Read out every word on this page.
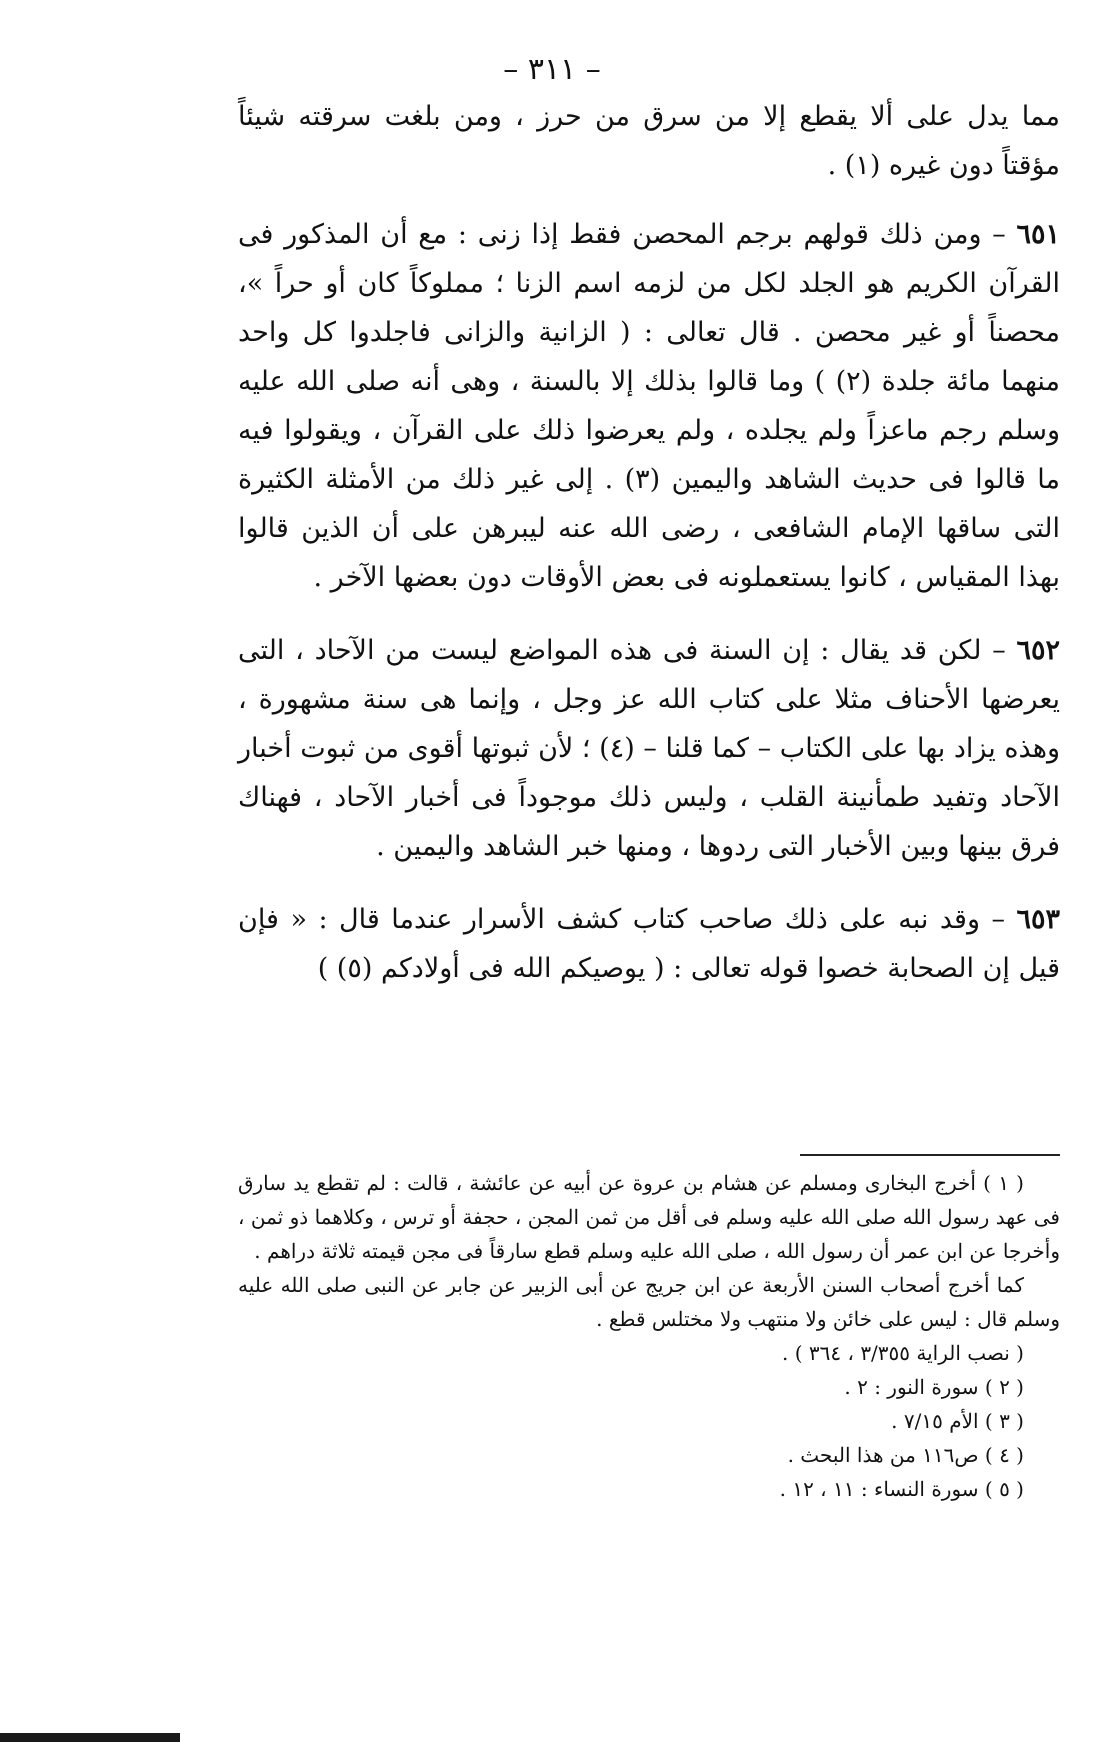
– ٣١١ –

مما يدل على ألا يقطع إلا من سرق من حرز ، ومن بلغت سرقته شيئاً مؤقتاً دون غيره (١) .

٦٥١ – ومن ذلك قولهم برجم المحصن فقط إذا زنى : مع أن المذكور فى القرآن الكريم هو الجلد لكل من لزمه اسم الزنا ؛ مملوكاً كان أو حراً »، محصناً أو غير محصن . قال تعالى : ( الزانية والزانى فاجلدوا كل واحد منهما مائة جلدة (٢) ) وما قالوا بذلك إلا بالسنة ، وهى أنه صلى الله عليه وسلم رجم ماعزاً ولم يجلده ، ولم يعرضوا ذلك على القرآن ، ويقولوا فيه ما قالوا فى حديث الشاهد واليمين (٣) . إلى غير ذلك من الأمثلة الكثيرة التى ساقها الإمام الشافعى ، رضى الله عنه ليبرهن على أن الذين قالوا بهذا المقياس ، كانوا يستعملونه فى بعض الأوقات دون بعضها الآخر .

٦٥٢ – لكن قد يقال : إن السنة فى هذه المواضع ليست من الآحاد ، التى يعرضها الأحناف مثلا على كتاب الله عز وجل ، وإنما هى سنة مشهورة ، وهذه يزاد بها على الكتاب – كما قلنا – (٤) ؛ لأن ثبوتها أقوى من ثبوت أخبار الآحاد وتفيد طمأنينة القلب ، وليس ذلك موجوداً فى أخبار الآحاد ، فهناك فرق بينها وبين الأخبار التى ردوها ، ومنها خبر الشاهد واليمين .

٦٥٣ – وقد نبه على ذلك صاحب كتاب كشف الأسرار عندما قال : « فإن قيل إن الصحابة خصوا قوله تعالى : ( يوصيكم الله فى أولادكم (٥) )

( ١ ) أخرج البخارى ومسلم عن هشام بن عروة عن أبيه عن عائشة ، قالت : لم تقطع يد سارق فى عهد رسول الله صلى الله عليه وسلم فى أقل من ثمن المجن ، حجفة أو ترس ، وكلاهما ذو ثمن ، وأخرجا عن ابن عمر أن رسول الله ، صلى الله عليه وسلم قطع سارقاً فى مجن قيمته ثلاثة دراهم .

كما أخرج أصحاب السنن الأربعة عن ابن جريج عن أبى الزبير عن جابر عن النبى صلى الله عليه وسلم قال : ليس على خائن ولا منتهب ولا مختلس قطع .

( نصب الراية ٣/٣٥٥ ، ٣٦٤ ) .

( ٢ ) سورة النور : ٢ .

( ٣ ) الأم ٧/١٥ .

( ٤ ) ص١١٦ من هذا البحث .

( ٥ ) سورة النساء : ١١ ، ١٢ .
